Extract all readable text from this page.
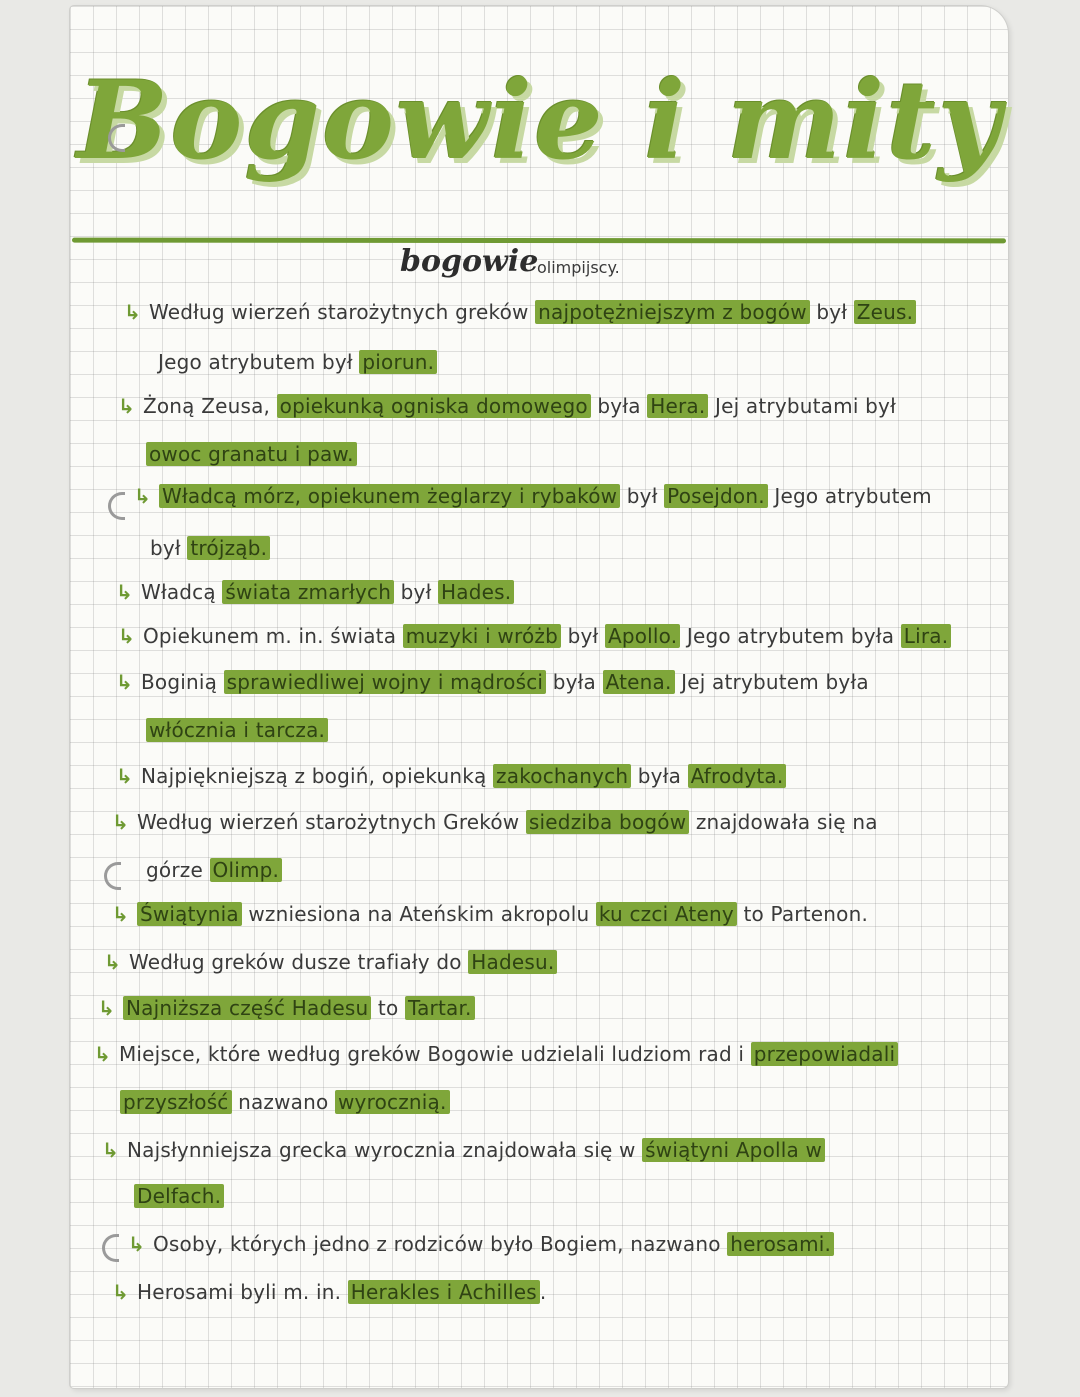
Bogowie i mity
bogowie
olimpijscy.
↳ Według wierzeń starożytnych greków najpotężniejszym z bogów był Zeus.
Jego atrybutem był piorun.
↳ Żoną Zeusa, opiekunką ogniska domowego była Hera. Jej atrybutami był
owoc granatu i paw.
↳ Władcą mórz, opiekunem żeglarzy i rybaków był Posejdon. Jego atrybutem
był trójząb.
↳ Władcą świata zmarłych był Hades.
↳ Opiekunem m. in. świata muzyki i wróżb był Apollo. Jego atrybutem była Lira.
↳ Boginią sprawiedliwej wojny i mądrości była Atena. Jej atrybutem była
włócznia i tarcza.
↳ Najpiękniejszą z bogiń, opiekunką zakochanych była Afrodyta.
↳ Według wierzeń starożytnych Greków siedziba bogów znajdowała się na
górze Olimp.
↳ Świątynia wzniesiona na Ateńskim akropolu ku czci Ateny to Partenon.
↳ Według greków dusze trafiały do Hadesu.
↳ Najniższa część Hadesu to Tartar.
↳ Miejsce, które według greków Bogowie udzielali ludziom rad i przepowiadali
przyszłość nazwano wyrocznią.
↳ Najsłynniejsza grecka wyrocznia znajdowała się w świątyni Apolla w
Delfach.
↳ Osoby, których jedno z rodziców było Bogiem, nazwano herosami.
↳ Herosami byli m. in. Herakles i Achilles .
